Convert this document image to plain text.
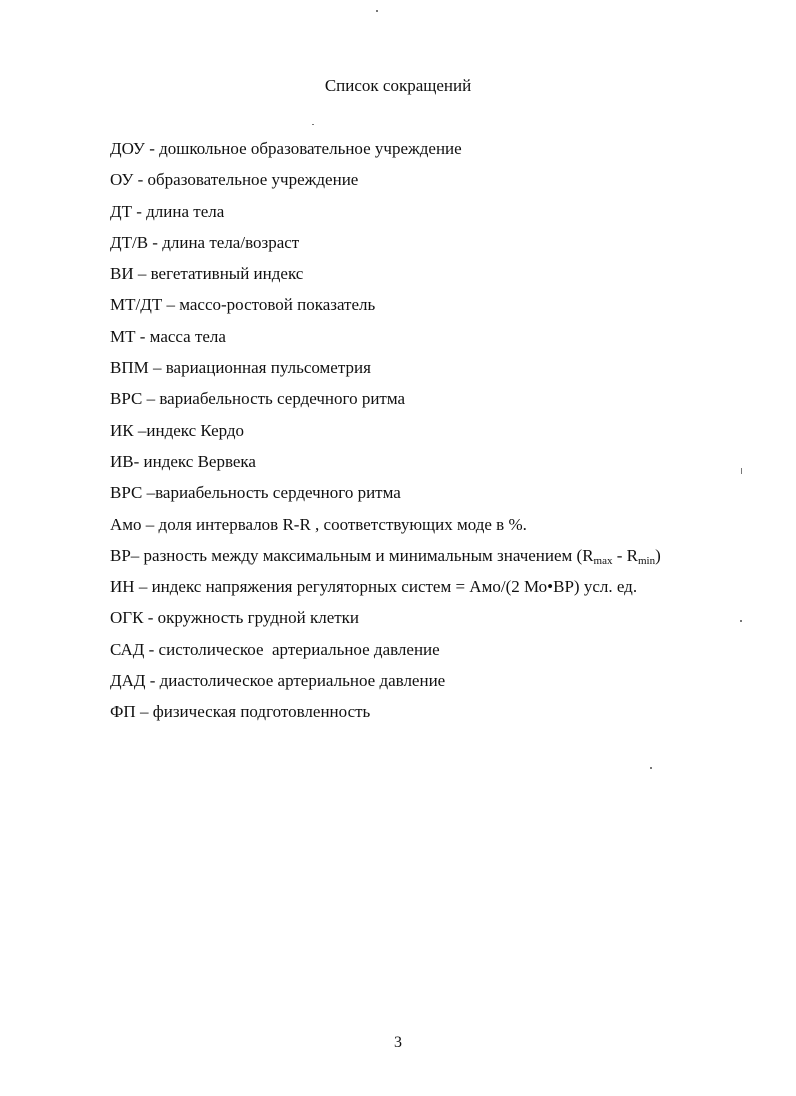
Список сокращений
ДОУ - дошкольное образовательное учреждение
ОУ - образовательное учреждение
ДТ - длина тела
ДТ/В - длина тела/возраст
ВИ – вегетативный индекс
МТ/ДТ – массо-ростовой показатель
МТ - масса тела
ВПМ – вариационная пульсометрия
ВРС – вариабельность сердечного ритма
ИК –индекс Кердо
ИВ- индекс Вервека
ВРС –вариабельность сердечного ритма
Амо – доля интервалов R-R , соответствующих моде в %.
ВР– разность между максимальным и минимальным значением $(R_{max} - R_{min})$
ИН – индекс напряжения регуляторных систем = Амо/(2 Мо•ВР) усл. ед.
ОГК - окружность грудной клетки
САД - систолическое  артериальное давление
ДАД - диастолическое артериальное давление
ФП – физическая подготовленность
3
